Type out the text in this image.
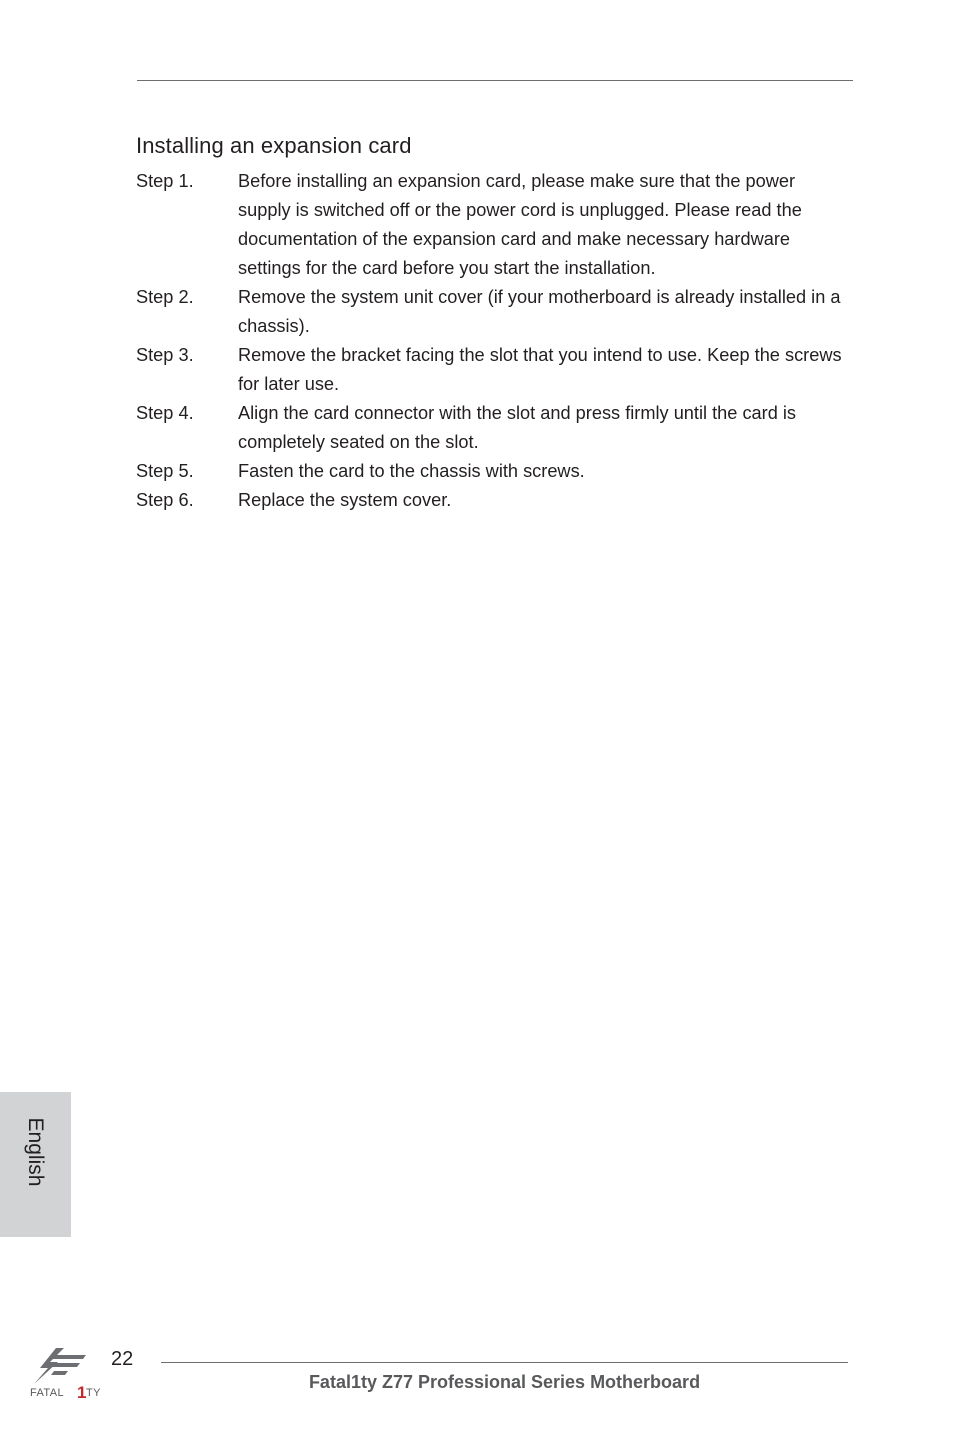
Installing an expansion card
Step 1.	Before installing an expansion card, please make sure that the power supply is switched off or the power cord is unplugged. Please read the documentation of the expansion card and make necessary hardware settings for the card before you start the installation.
Step 2.	Remove the system unit cover (if your motherboard is already installed in a chassis).
Step 3.	Remove the bracket facing the slot that you intend to use. Keep the screws for later use.
Step 4.	Align the card connector with the slot and press firmly until the card is completely seated on the slot.
Step 5.	Fasten the card to the chassis with screws.
Step 6.	Replace the system cover.
English
FATAL 1 TY
22
Fatal1ty Z77 Professional Series Motherboard
